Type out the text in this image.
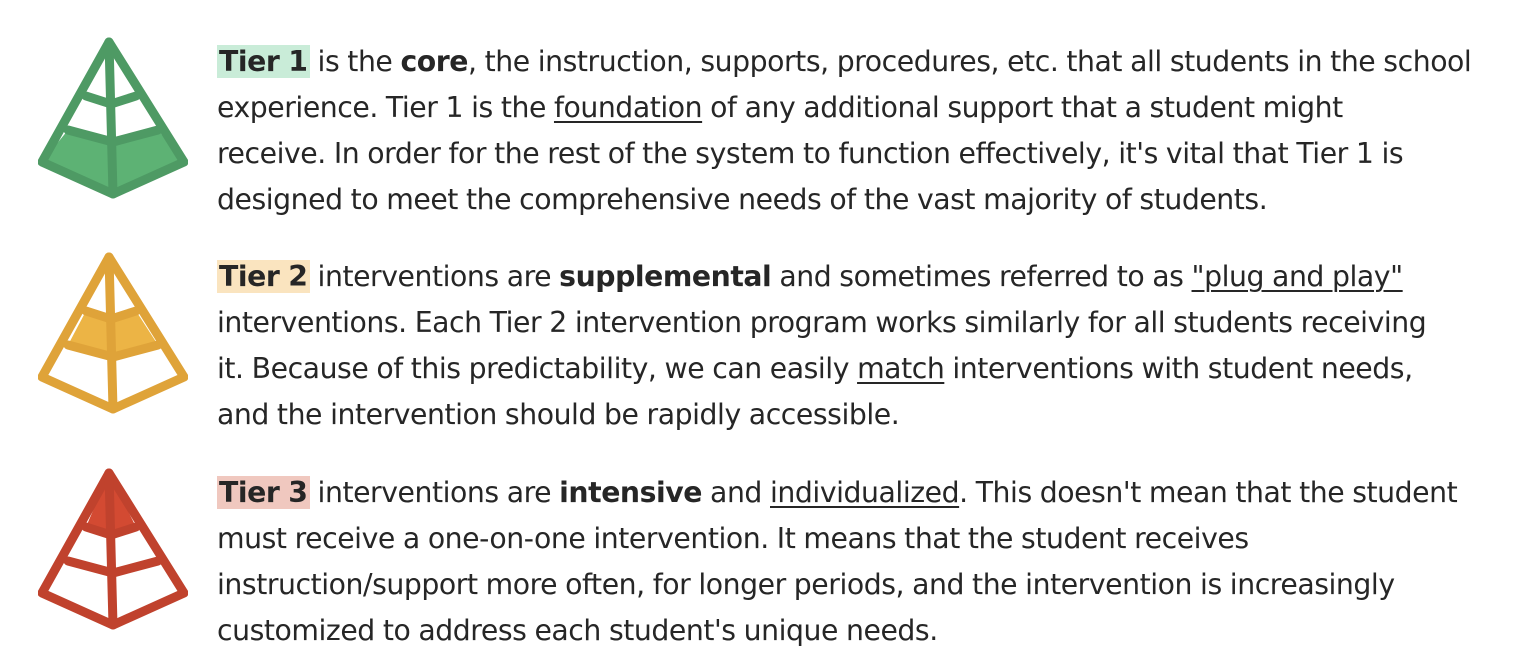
Tier 1 is the core, the instruction, supports, procedures, etc. that all students in the school
experience. Tier 1 is the foundation of any additional support that a student might
receive. In order for the rest of the system to function effectively, it's vital that Tier 1 is
designed to meet the comprehensive needs of the vast majority of students.
Tier 2 interventions are supplemental and sometimes referred to as "plug and play"
interventions. Each Tier 2 intervention program works similarly for all students receiving
it. Because of this predictability, we can easily match interventions with student needs,
and the intervention should be rapidly accessible.
Tier 3 interventions are intensive and individualized. This doesn't mean that the student
must receive a one-on-one intervention. It means that the student receives
instruction/support more often, for longer periods, and the intervention is increasingly
customized to address each student's unique needs.
